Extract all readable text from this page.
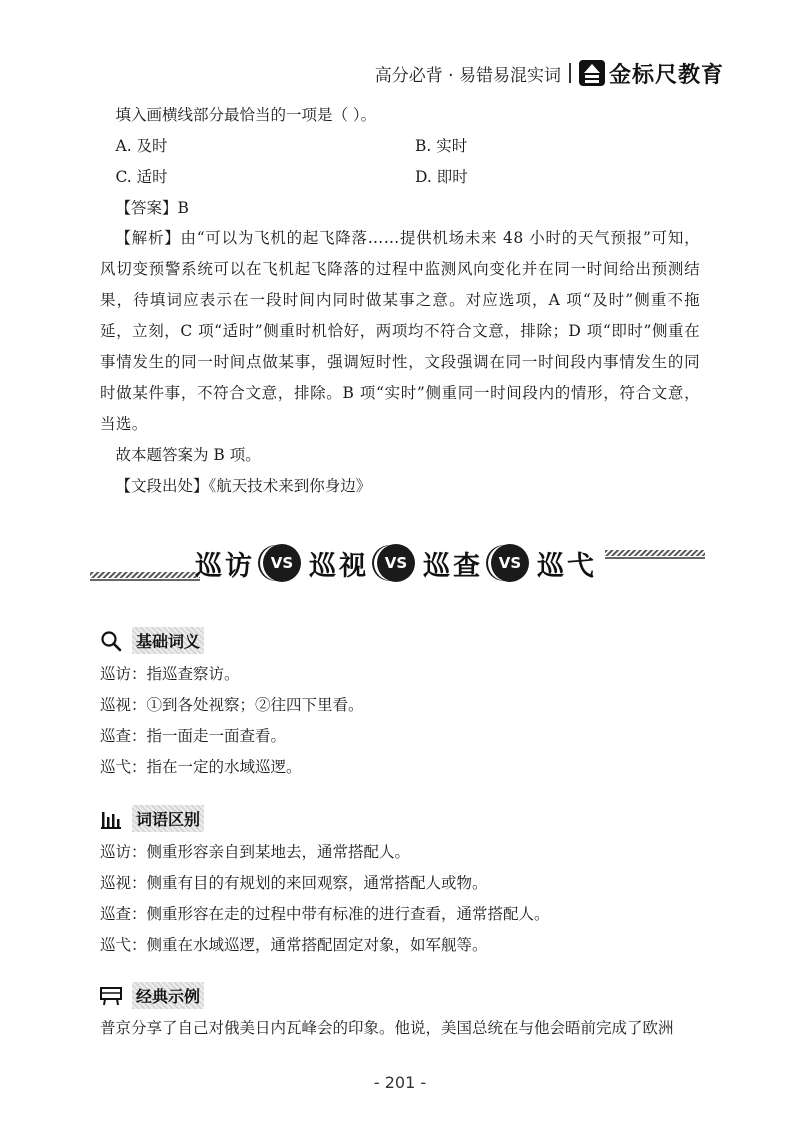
高分必背 · 易错易混实词 金标尺教育

填入画横线部分最恰当的一项是（ ）。

A. 及时	B. 实时

C. 适时	D. 即时

【答案】B

【解析】由“可以为飞机的起飞降落……提供机场未来 48 小时的天气预报”可知，风切变预警系统可以在飞机起飞降落的过程中监测风向变化并在同一时间给出预测结果，待填词应表示在一段时间内同时做某事之意。对应选项，A 项“及时”侧重不拖延，立刻，C 项“适时”侧重时机恰好，两项均不符合文意，排除；D 项“即时”侧重在事情发生的同一时间点做某事，强调短时性，文段强调在同一时间段内事情发生的同时做某件事，不符合文意，排除。B 项“实时”侧重同一时间段内的情形，符合文意，当选。

故本题答案为 B 项。

【文段出处】《航天技术来到你身边》

巡访	VS 巡视	VS 巡查	VS 巡弋
基础词义

巡访：指巡查察访。

巡视：①到各处视察；②往四下里看。

巡查：指一面走一面查看。

巡弋：指在一定的水域巡逻。

词语区别

巡访：侧重形容亲自到某地去，通常搭配人。

巡视：侧重有目的有规划的来回观察，通常搭配人或物。

巡查：侧重形容在走的过程中带有标准的进行查看，通常搭配人。

巡弋：侧重在水域巡逻，通常搭配固定对象，如军舰等。

经典示例

普京分享了自己对俄美日内瓦峰会的印象。他说，美国总统在与他会晤前完成了欧洲

- 201 -
